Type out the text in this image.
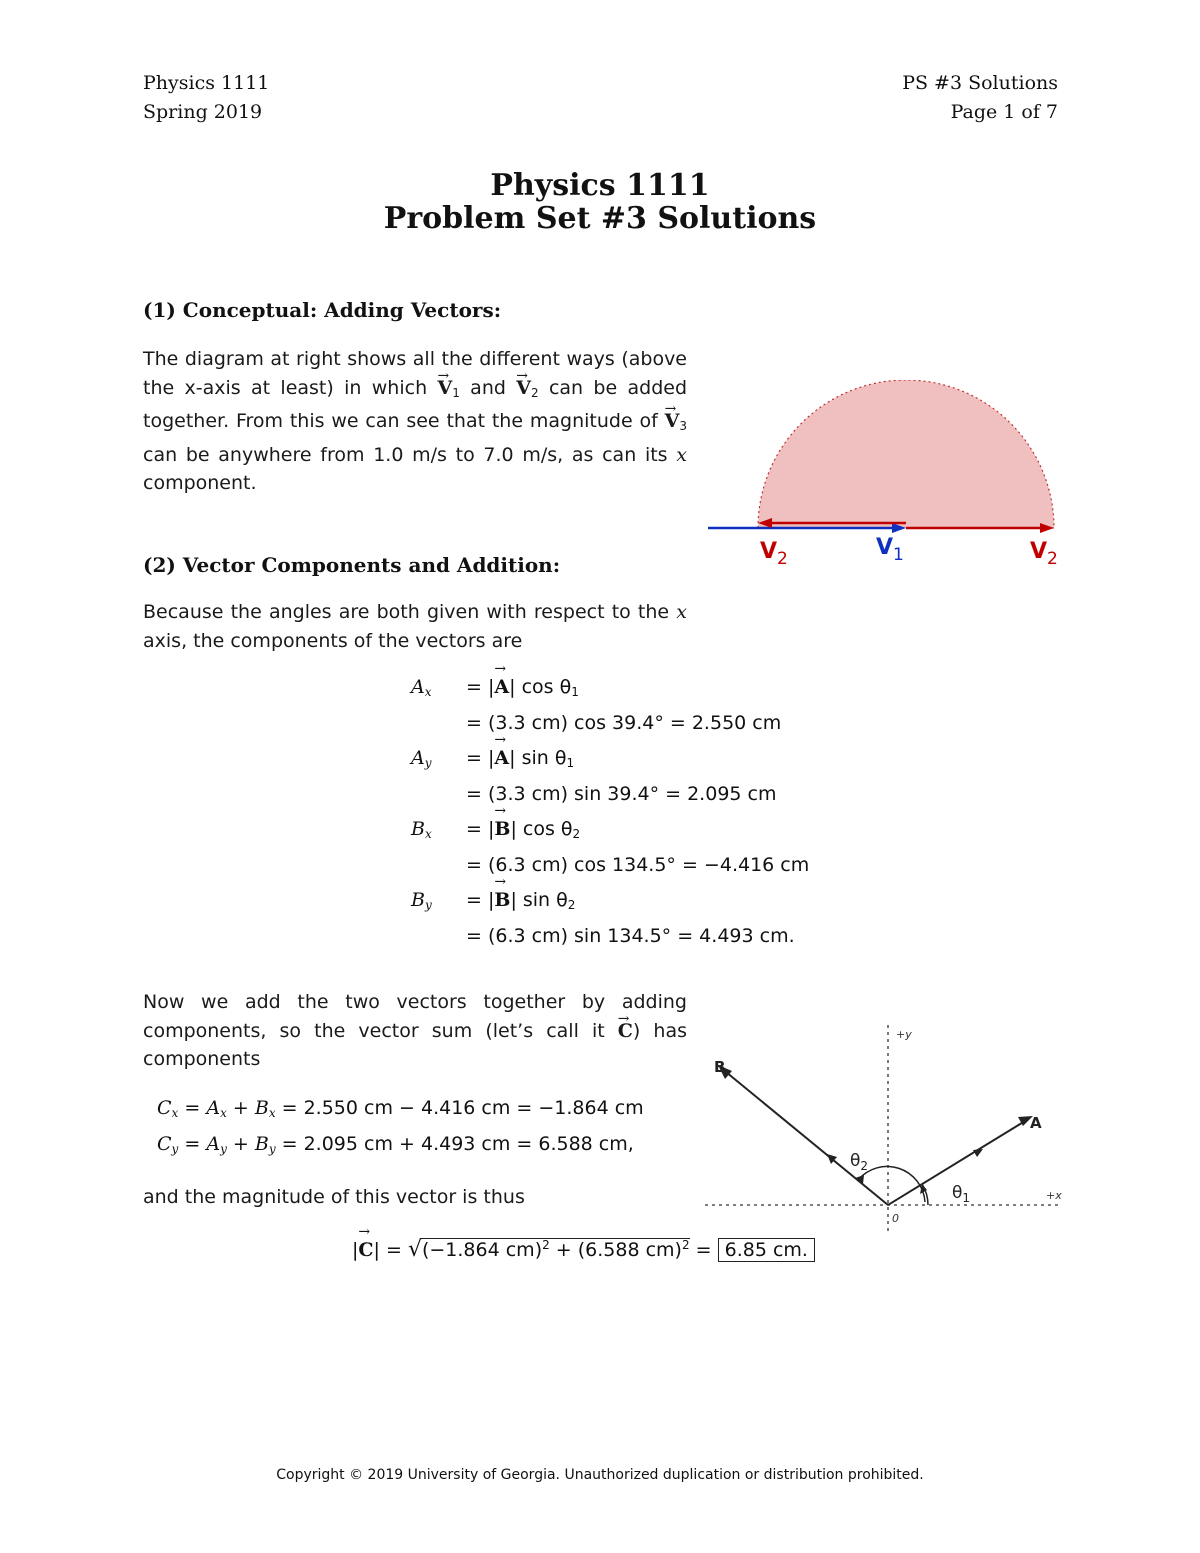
Physics 1111
Spring 2019
PS #3 Solutions
Page 1 of 7
Physics 1111
Problem Set #3 Solutions
(1) Conceptual: Adding Vectors:
The diagram at right shows all the different ways (above the x-axis at least) in which → $V_1$ and → $V_2$ can be added together. From this we can see that the magnitude of → $V_3$ can be anywhere from 1.0 m/s to 7.0 m/s, as can its x component.
$V_2$	$V_1$	$V_2$
(2) Vector Components and Addition:
Because the angles are both given with respect to the x axis, the components of the vectors are
$A_x$	= |→ A| $\cos \theta_1$
= (3.3 cm) cos 39.4° = 2.550 cm
$A_y$	= |→ A| $\sin \theta_1$
= (3.3 cm) sin 39.4° = 2.095 cm
$B_x$	= |→ B| $\cos \theta_2$
= (6.3 cm) cos 134.5° = −4.416 cm
$B_y$	= |→ B| $\sin \theta_2$
= (6.3 cm) sin 134.5° = 4.493 cm.
Now we add the two vectors together by adding components, so the vector sum (let’s call it → C) has components
$C_x = A_x + B_x = 2.550$ cm − 4.416 cm = −1.864 cm
$C_y = A_y + B_y = 2.095$ cm + 4.493 cm = 6.588 cm,
and the magnitude of this vector is thus
|→ C| = √(−1.864 cm)$^2$ + (6.588 cm)$^2$ = 6.85 cm.
+y
+x
0
A
B
$\theta_1$
$\theta_2$
Copyright © 2019 University of Georgia. Unauthorized duplication or distribution prohibited.
